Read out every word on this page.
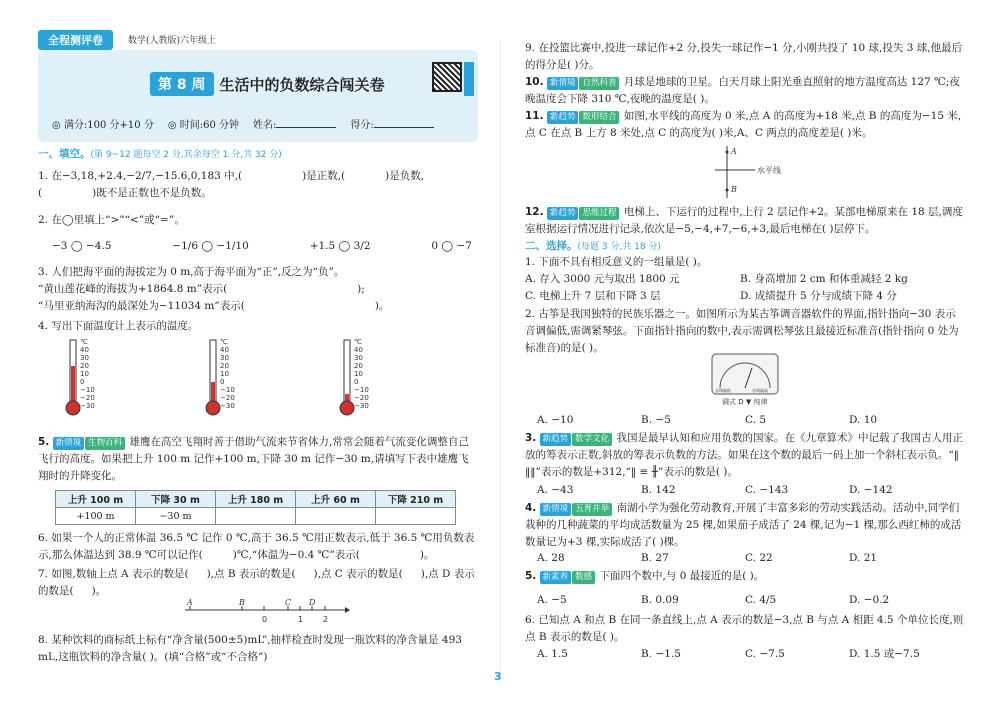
全程测评卷	数学(人教版)六年级上
第 8 周 生活中的负数综合闯关卷
◎ 满分:100 分+10 分 ◎ 时间:60 分钟 姓名:	得分:
一、填空。(第 9~12 题每空 2 分,其余每空 1 分,共 32 分)
1. 在−3,18,+2.4,−2/7,−15.6,0,183 中,(	)是正数,(	)是负数,
(	)既不是正数也不是负数。
2. 在◯里填上“>”“<”或“=”。
−3 ◯ −4.5	−1/6 ◯ −1/10	+1.5 ◯ 3/2	0 ◯ −7
3. 人们把海平面的海拔定为 0 m,高于海平面为“正”,反之为“负”。
“黄山莲花峰的海拔为+1864.8 m”表示(	);
“马里亚纳海沟的最深处为−11034 m”表示(	)。
4. 写出下面温度计上表示的温度。
℃
40
30
20
10
0
−10
−20
−30
℃
40
30
20
10
0
−10
−20
−30
℃
40
30
20
10
0
−10
−20
−30
5. 新情境 生物百科 雄鹰在高空飞翔时善于借助气流来节省体力,常常会随着气流变化调整自己飞行的高度。如果把上升 100 m 记作+100 m,下降 30 m 记作−30 m,请填写下表中雄鹰飞翔时的升降变化。
上升 100 m	下降 30 m	上升 180 m	上升 60 m	下降 210 m
+100 m	−30 m			
6. 如果一个人的正常体温 36.5 ℃ 记作 0 ℃,高于 36.5 ℃用正数表示,低于 36.5 ℃用负数表示,那么体温达到 38.9 ℃可以记作(	)℃,“体温为−0.4 ℃”表示(	)。
7. 如图,数轴上点 A 表示的数是( ),点 B 表示的数是( ),点 C 表示的数是( ),点 D 表示的数是( )。
A	B	C D
0	1 2
8. 某种饮料的商标纸上标有“净含量(500±5)mL”,抽样检查时发现一瓶饮料的净含量是 493 mL,这瓶饮料的净含量( )。(填“合格”或“不合格”)
9. 在投篮比赛中,投进一球记作+2 分,投失一球记作−1 分,小刚共投了 10 球,投失 3 球,他最后的得分是( )分。
10. 新情境 自然科普 月球是地球的卫星。白天月球上阳光垂直照射的地方温度高达 127 ℃;夜晚温度会下降 310 ℃,夜晚的温度是( )。
11. 新趋势 数形结合 如图,水平线的高度为 0 米,点 A 的高度为+18 米,点 B 的高度为−15 米,点 C 在点 B 上方 8 米处,点 C 的高度为( )米,A、C 两点的高度差是( )米。
A
水平线
B
12. 新趋势 思维过程 电梯上、下运行的过程中,上行 2 层记作+2。某部电梯原来在 18 层,调度室根据运行情况进行记录,依次是−5,−4,+7,−6,+3,最后电梯在( )层停下。
二、选择。(每题 3 分,共 18 分)
1. 下面不具有相反意义的一组量是( )。
A. 存入 3000 元与取出 1800 元	B. 身高增加 2 cm 和体重减轻 2 kg
C. 电梯上升 7 层和下降 3 层	D. 成绩提升 5 分与成绩下降 4 分
2. 古筝是我国独特的民族乐器之一。如图所示为某古筝调音器软件的界面,指针指向−30 表示音调偏低,需调紧琴弦。下面指针指向的数中,表示需调松琴弦且最接近标准音(指针指向 0 处为标准音)的是( )。
音调偏低	音调偏高
调式 D ▼ 纯律
A. −10	B. −5	C. 5	D. 10
3. 新趋势 数学文化 我国是最早认知和应用负数的国家。在《九章算术》中记载了我国古人用正放的筹表示正数,斜放的筹表示负数的方法。如果在这个数的最后一码上加一个斜杠表示负。“‖ ‖‖”表示的数是+312,“‖ ≡ ╫”表示的数是( )。
A. −43	B. 142	C. −143	D. −142
4. 新情境 五育并举 南湖小学为强化劳动教育,开展了丰富多彩的劳动实践活动。活动中,同学们栽种的几种蔬菜的平均成活数量为 25 棵,如果茄子成活了 24 棵,记为−1 棵,那么西红柿的成活数量记为+3 棵,实际成活了( )棵。
A. 28	B. 27	C. 22	D. 21
5. 新素养 数感 下面四个数中,与 0 最接近的是( )。
A. −5	B. 0.09	C. 4/5	D. −0.2
6. 已知点 A 和点 B 在同一条直线上,点 A 表示的数是−3,点 B 与点 A 相距 4.5 个单位长度,则点 B 表示的数是( )。
A. 1.5	B. −1.5	C. −7.5	D. 1.5 或−7.5
3
